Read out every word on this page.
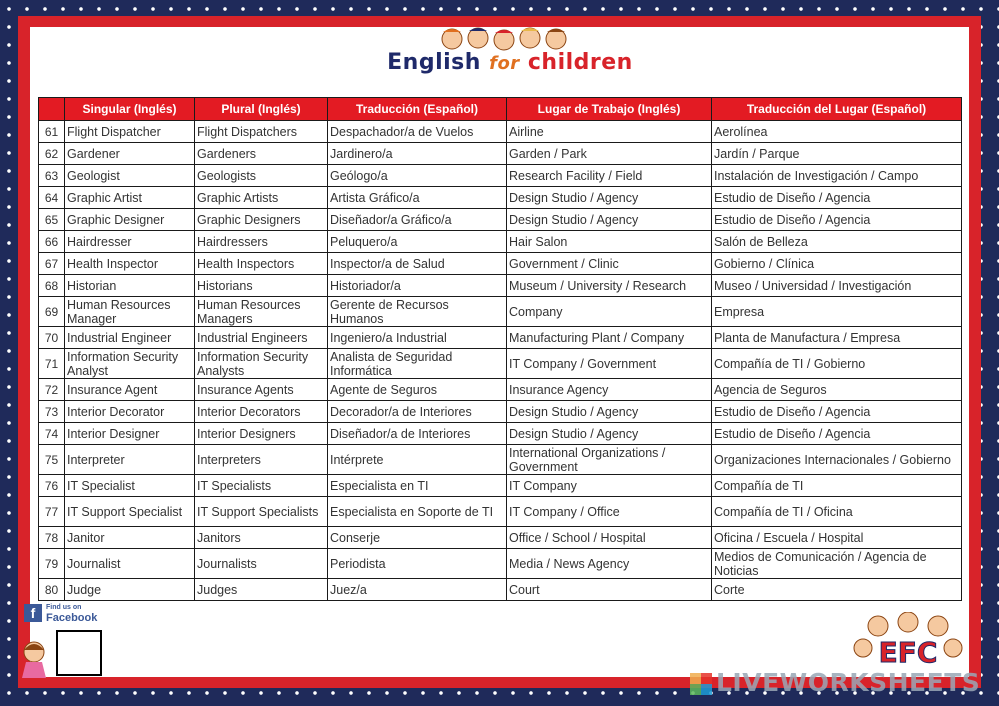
English for children
	Singular (Inglés)	Plural (Inglés)	Traducción (Español)	Lugar de Trabajo (Inglés)	Traducción del Lugar (Español)
61	Flight Dispatcher	Flight Dispatchers	Despachador/a de Vuelos	Airline	Aerolínea
62	Gardener	Gardeners	Jardinero/a	Garden / Park	Jardín / Parque
63	Geologist	Geologists	Geólogo/a	Research Facility / Field	Instalación de Investigación / Campo
64	Graphic Artist	Graphic Artists	Artista Gráfico/a	Design Studio / Agency	Estudio de Diseño / Agencia
65	Graphic Designer	Graphic Designers	Diseñador/a Gráfico/a	Design Studio / Agency	Estudio de Diseño / Agencia
66	Hairdresser	Hairdressers	Peluquero/a	Hair Salon	Salón de Belleza
67	Health Inspector	Health Inspectors	Inspector/a de Salud	Government / Clinic	Gobierno / Clínica
68	Historian	Historians	Historiador/a	Museum / University / Research	Museo / Universidad / Investigación
69	Human Resources Manager	Human Resources Managers	Gerente de Recursos Humanos	Company	Empresa
70	Industrial Engineer	Industrial Engineers	Ingeniero/a Industrial	Manufacturing Plant / Company	Planta de Manufactura / Empresa
71	Information Security Analyst	Information Security Analysts	Analista de Seguridad Informática	IT Company / Government	Compañía de TI / Gobierno
72	Insurance Agent	Insurance Agents	Agente de Seguros	Insurance Agency	Agencia de Seguros
73	Interior Decorator	Interior Decorators	Decorador/a de Interiores	Design Studio / Agency	Estudio de Diseño / Agencia
74	Interior Designer	Interior Designers	Diseñador/a de Interiores	Design Studio / Agency	Estudio de Diseño / Agencia
75	Interpreter	Interpreters	Intérprete	International Organizations / Government	Organizaciones Internacionales / Gobierno
76	IT Specialist	IT Specialists	Especialista en TI	IT Company	Compañía de TI
77	IT Support Specialist	IT Support Specialists	Especialista en Soporte de TI	IT Company / Office	Compañía de TI / Oficina
78	Janitor	Janitors	Conserje	Office / School / Hospital	Oficina / Escuela / Hospital
79	Journalist	Journalists	Periodista	Media / News Agency	Medios de Comunicación / Agencia de Noticias
80	Judge	Judges	Juez/a	Court	Corte
f	Find us on
Facebook
EFC
LIVEWORKSHEETS
